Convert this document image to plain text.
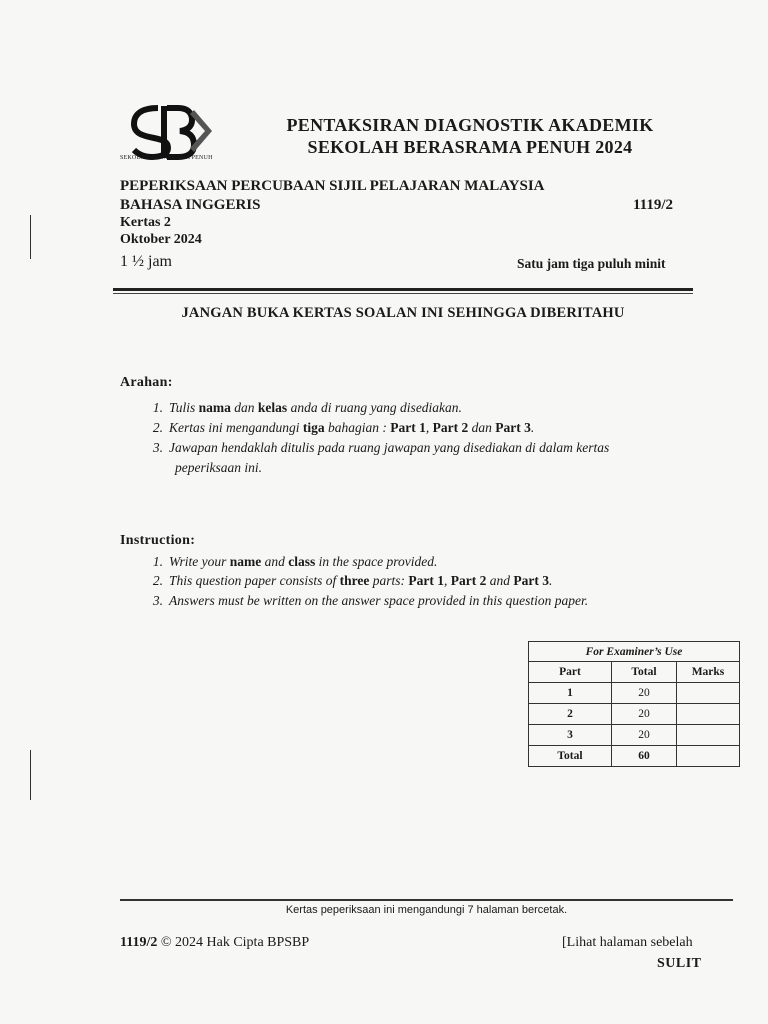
SEKOLAH BERASRAMA PENUH
PENTAKSIRAN DIAGNOSTIK AKADEMIK
SEKOLAH BERASRAMA PENUH 2024
PEPERIKSAAN PERCUBAAN SIJIL PELAJARAN MALAYSIA
BAHASA INGGERIS	1119/2
Kertas 2
Oktober 2024
1 ½ jam	Satu jam tiga puluh minit
JANGAN BUKA KERTAS SOALAN INI SEHINGGA DIBERITAHU
Arahan:
1. Tulis nama dan kelas anda di ruang yang disediakan.
2. Kertas ini mengandungi tiga bahagian : Part 1, Part 2 dan Part 3.
3. Jawapan hendaklah ditulis pada ruang jawapan yang disediakan di dalam kertas
peperiksaan ini.
Instruction:
1. Write your name and class in the space provided.
2. This question paper consists of three parts: Part 1, Part 2 and Part 3.
3. Answers must be written on the answer space provided in this question paper.
For Examiner’s Use		
Part	Total	Marks
1	20	
2	20	
3	20	
Total	60	
Kertas peperiksaan ini mengandungi 7 halaman bercetak.
1119/2 © 2024 Hak Cipta BPSBP	[Lihat halaman sebelah
SULIT
